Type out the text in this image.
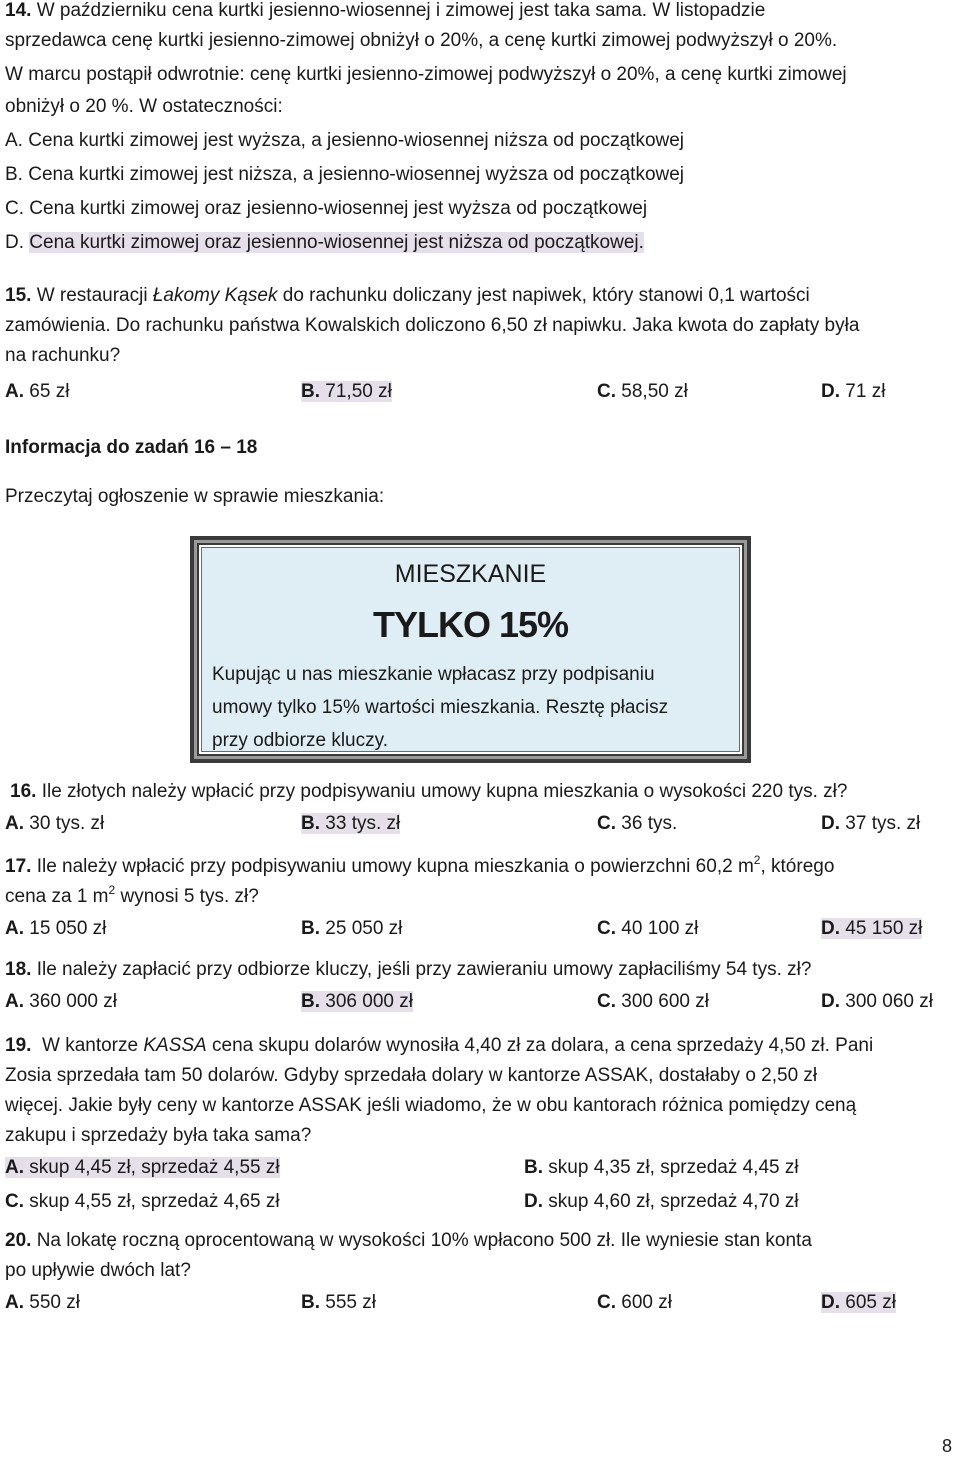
14. W październiku cena kurtki jesienno-wiosennej i zimowej jest taka sama. W listopadzie
sprzedawca cenę kurtki jesienno-zimowej obniżył o 20%, a cenę kurtki zimowej podwyższył o 20%.
W marcu postąpił odwrotnie: cenę kurtki jesienno-zimowej podwyższył o 20%, a cenę kurtki zimowej
obniżył o 20 %. W ostateczności:
A. Cena kurtki zimowej jest wyższa, a jesienno-wiosennej niższa od początkowej
B. Cena kurtki zimowej jest niższa, a jesienno-wiosennej wyższa od początkowej
C. Cena kurtki zimowej oraz jesienno-wiosennej jest wyższa od początkowej
D. Cena kurtki zimowej oraz jesienno-wiosennej jest niższa od początkowej.
15. W restauracji Łakomy Kąsek do rachunku doliczany jest napiwek, który stanowi 0,1 wartości
zamówienia. Do rachunku państwa Kowalskich doliczono 6,50 zł napiwku. Jaka kwota do zapłaty była
na rachunku?
A. 65 zł	B. 71,50 zł	C. 58,50 zł	D. 71 zł
Informacja do zadań 16 – 18
Przeczytaj ogłoszenie w sprawie mieszkania:
MIESZKANIE
TYLKO 15%
Kupując u nas mieszkanie wpłacasz przy podpisaniu
umowy tylko 15% wartości mieszkania. Resztę płacisz
przy odbiorze kluczy.
16. Ile złotych należy wpłacić przy podpisywaniu umowy kupna mieszkania o wysokości 220 tys. zł?
A. 30 tys. zł	B. 33 tys. zł	C. 36 tys.	D. 37 tys. zł
17. Ile należy wpłacić przy podpisywaniu umowy kupna mieszkania o powierzchni 60,2 $m^2$, którego
cena za 1 $m^2$ wynosi 5 tys. zł?
A. 15 050 zł	B. 25 050 zł	C. 40 100 zł	D. 45 150 zł
18. Ile należy zapłacić przy odbiorze kluczy, jeśli przy zawieraniu umowy zapłaciliśmy 54 tys. zł?
A. 360 000 zł	B. 306 000 zł	C. 300 600 zł	D. 300 060 zł
19. W kantorze KASSA cena skupu dolarów wynosiła 4,40 zł za dolara, a cena sprzedaży 4,50 zł. Pani
Zosia sprzedała tam 50 dolarów. Gdyby sprzedała dolary w kantorze ASSAK, dostałaby o 2,50 zł
więcej. Jakie były ceny w kantorze ASSAK jeśli wiadomo, że w obu kantorach różnica pomiędzy ceną
zakupu i sprzedaży była taka sama?
A. skup 4,45 zł, sprzedaż 4,55 zł	B. skup 4,35 zł, sprzedaż 4,45 zł
C. skup 4,55 zł, sprzedaż 4,65 zł	D. skup 4,60 zł, sprzedaż 4,70 zł
20. Na lokatę roczną oprocentowaną w wysokości 10% wpłacono 500 zł. Ile wyniesie stan konta
po upływie dwóch lat?
A. 550 zł	B. 555 zł	C. 600 zł	D. 605 zł
8
